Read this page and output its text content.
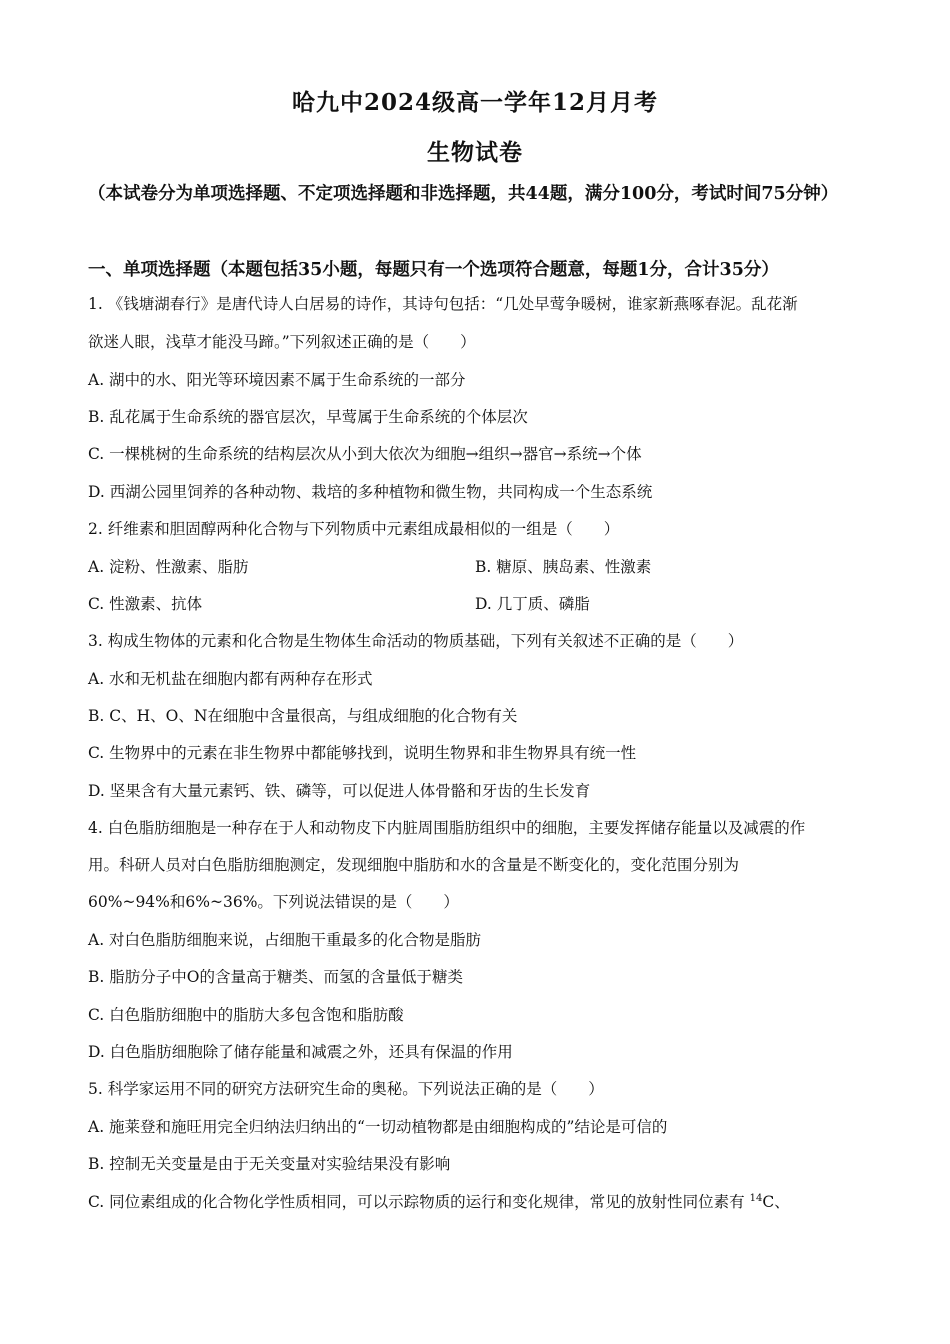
哈九中2024级高一学年12月月考
生物试卷
（本试卷分为单项选择题、不定项选择题和非选择题，共44题，满分100分，考试时间75分钟）
一、单项选择题（本题包括35小题，每题只有一个选项符合题意，每题1分，合计35分）
1. 《钱塘湖春行》是唐代诗人白居易的诗作，其诗句包括：“几处早莺争暖树，谁家新燕啄春泥。乱花渐
欲迷人眼，浅草才能没马蹄。”下列叙述正确的是（　　）
A. 湖中的水、阳光等环境因素不属于生命系统的一部分
B. 乱花属于生命系统的器官层次，早莺属于生命系统的个体层次
C. 一棵桃树的生命系统的结构层次从小到大依次为细胞→组织→器官→系统→个体
D. 西湖公园里饲养的各种动物、栽培的多种植物和微生物，共同构成一个生态系统
2. 纤维素和胆固醇两种化合物与下列物质中元素组成最相似的一组是（　　）
A. 淀粉、性激素、脂肪	B. 糖原、胰岛素、性激素
C. 性激素、抗体	D. 几丁质、磷脂
3. 构成生物体的元素和化合物是生物体生命活动的物质基础，下列有关叙述不正确的是（　　）
A. 水和无机盐在细胞内都有两种存在形式
B. C、H、O、N在细胞中含量很高，与组成细胞的化合物有关
C. 生物界中的元素在非生物界中都能够找到，说明生物界和非生物界具有统一性
D. 坚果含有大量元素钙、铁、磷等，可以促进人体骨骼和牙齿的生长发育
4. 白色脂肪细胞是一种存在于人和动物皮下内脏周围脂肪组织中的细胞，主要发挥储存能量以及减震的作
用。科研人员对白色脂肪细胞测定，发现细胞中脂肪和水的含量是不断变化的，变化范围分别为
60%~94%和6%~36%。下列说法错误的是（　　）
A. 对白色脂肪细胞来说，占细胞干重最多的化合物是脂肪
B. 脂肪分子中O的含量高于糖类、而氢的含量低于糖类
C. 白色脂肪细胞中的脂肪大多包含饱和脂肪酸
D. 白色脂肪细胞除了储存能量和减震之外，还具有保温的作用
5. 科学家运用不同的研究方法研究生命的奥秘。下列说法正确的是（　　）
A. 施莱登和施旺用完全归纳法归纳出的“一切动植物都是由细胞构成的”结论是可信的
B. 控制无关变量是由于无关变量对实验结果没有影响
C. 同位素组成的化合物化学性质相同，可以示踪物质的运行和变化规律，常见的放射性同位素有 $^{14}$C、
